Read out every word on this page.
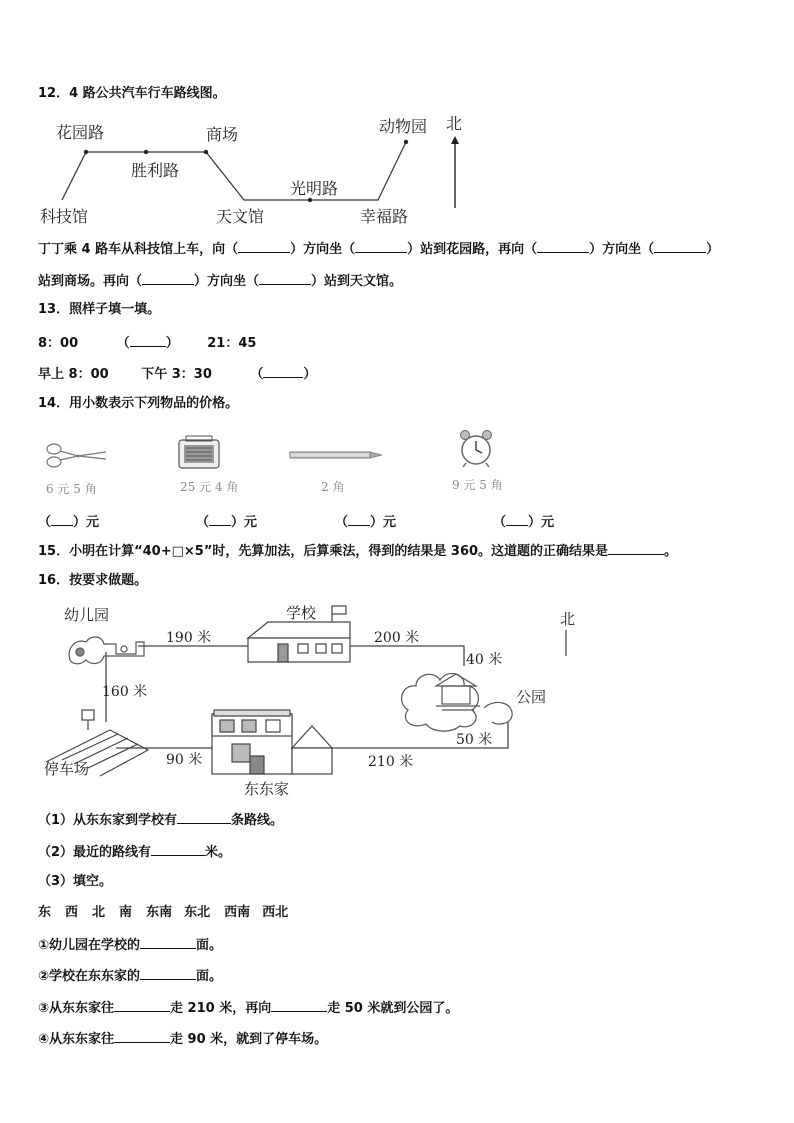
12．4 路公共汽车行车路线图。
花园路	商场	动物园 北
胜利路
光明路
科技馆	天文馆	幸福路
丁丁乘 4 路车从科技馆上车，向（	）方向坐（	）站到花园路，再向（	）方向坐（	）
站到商场。再向（	）方向坐（	）站到天文馆。
13．照样子填一填。
8：00	（	） 21：45
早上 8：00	下午 3：30	（	）
14．用小数表示下列物品的价格。
6 元 5 角	25 元 4 角	2 角	9 元 5 角
（ ）元	（ ）元	（ ）元	（ ）元
15．小明在计算“40+□×5”时，先算加法，后算乘法，得到的结果是 360。这道题的正确结果是	。
16．按要求做题。
幼儿园	学校	北
190 米	200 米
40 米
公园
160 米
50 米
停车场	90 米	210 米
东东家
（1）从东东家到学校有	条路线。
（2）最近的路线有	米。
（3）填空。
东 西 北 南 东南 东北 西南 西北
①幼儿园在学校的	面。
②学校在东东家的	面。
③从东东家往	走 210 米，再向	走 50 米就到公园了。
④从东东家往	走 90 米，就到了停车场。
